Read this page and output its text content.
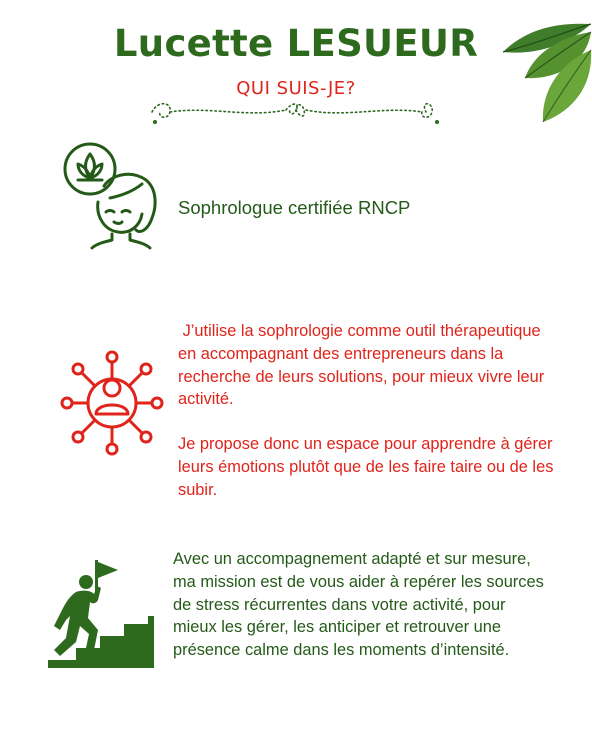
Lucette LESUEUR
QUI SUIS-JE?
Sophrologue certifiée RNCP

J’utilise la sophrologie comme outil thérapeutique en accompagnant des entrepreneurs dans la recherche de leurs solutions, pour mieux vivre leur activité.

Je propose donc un espace pour apprendre à gérer leurs émotions plutôt que de les faire taire ou de les subir.

Avec un accompagnement adapté et sur mesure, ma mission est de vous aider à repérer les sources de stress récurrentes dans votre activité, pour mieux les gérer, les anticiper et retrouver une présence calme dans les moments d’intensité.
